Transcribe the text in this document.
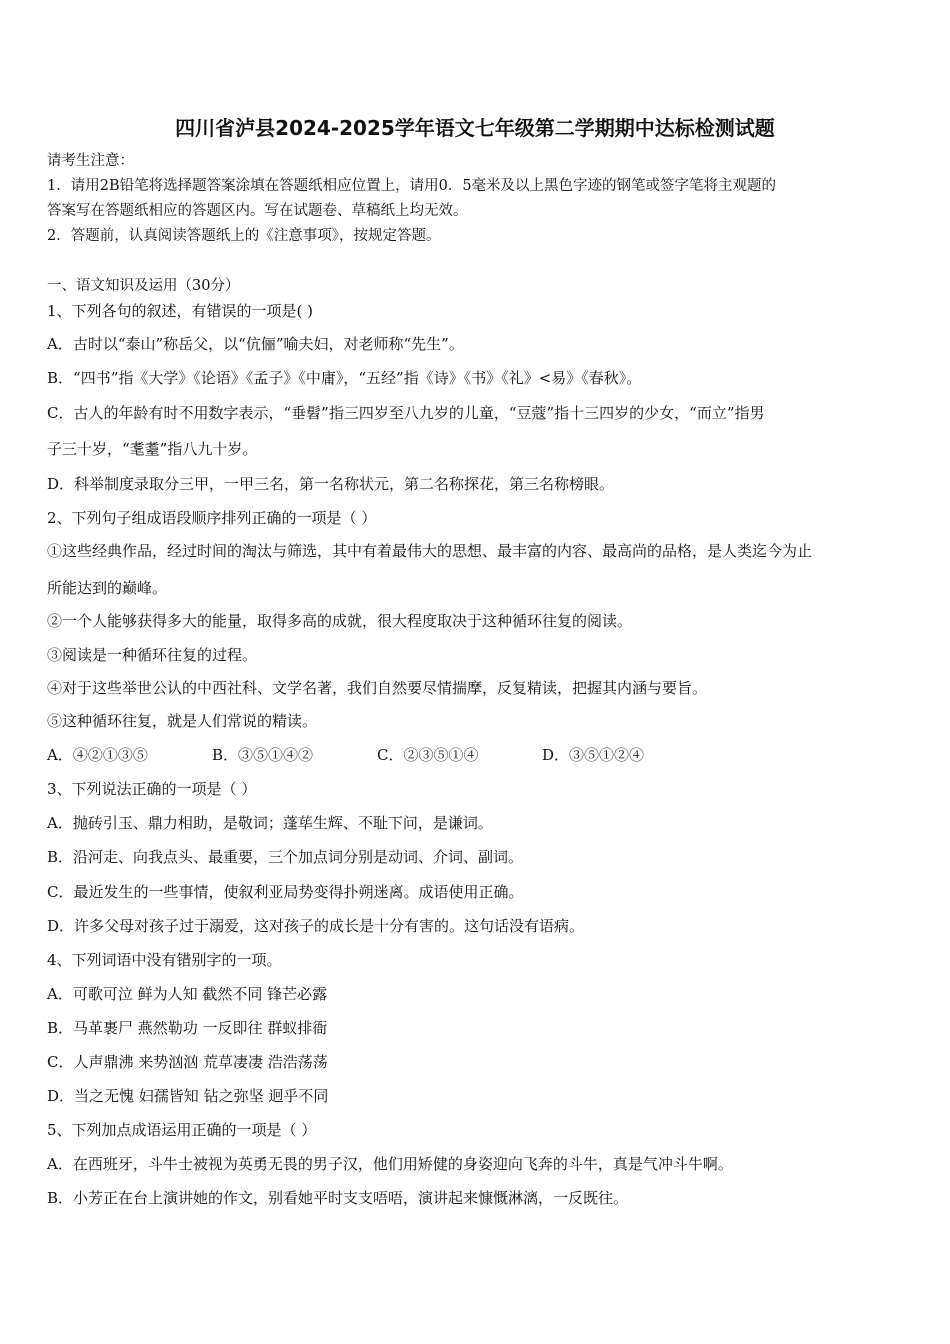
四川省泸县2024-2025学年语文七年级第二学期期中达标检测试题
请考生注意：
1．请用2B铅笔将选择题答案涂填在答题纸相应位置上，请用0．5毫米及以上黑色字迹的钢笔或签字笔将主观题的
答案写在答题纸相应的答题区内。写在试题卷、草稿纸上均无效。
2．答题前，认真阅读答题纸上的《注意事项》，按规定答题。
一、语文知识及运用（30分）
1、下列各句的叙述，有错误的一项是( )
A．古时以“泰山”称岳父，以“伉俪”喻夫妇，对老师称“先生”。
B．“四书”指《大学》《论语》《孟子》《中庸》，“五经”指《诗》《书》《礼》<易》《春秋》。
C．古人的年龄有时不用数字表示，“垂髫”指三四岁至八九岁的儿童，“豆蔻”指十三四岁的少女，“而立”指男
子三十岁，“耄耋”指八九十岁。
D．科举制度录取分三甲，一甲三名，第一名称状元，第二名称探花，第三名称榜眼。
2、下列句子组成语段顺序排列正确的一项是（ ）
①这些经典作品，经过时间的淘汰与筛选，其中有着最伟大的思想、最丰富的内容、最高尚的品格，是人类迄今为止
所能达到的巅峰。
②一个人能够获得多大的能量，取得多高的成就，很大程度取决于这种循环往复的阅读。
③阅读是一种循环往复的过程。
④对于这些举世公认的中西社科、文学名著，我们自然要尽情揣摩，反复精读，把握其内涵与要旨。
⑤这种循环往复，就是人们常说的精读。
A．④②①③⑤	B．③⑤①④②	C．②③⑤①④	D．③⑤①②④
3、下列说法正确的一项是（ ）
A．抛砖引玉、鼎力相助，是敬词；蓬荜生辉、不耻下问，是谦词。
B．沿河走、向我点头、最重要，三个加点词分别是动词、介词、副词。
C．最近发生的一些事情，使叙利亚局势变得扑朔迷离。成语使用正确。
D．许多父母对孩子过于溺爱，这对孩子的成长是十分有害的。这句话没有语病。
4、下列词语中没有错别字的一项。
A．可歌可泣 鲜为人知 截然不同 锋芒必露
B．马革裹尸 燕然勒功 一反即往 群蚁排衙
C．人声鼎沸 来势汹汹 荒草凄凄 浩浩荡荡
D．当之无愧 妇孺皆知 钻之弥坚 迥乎不同
5、下列加点成语运用正确的一项是（ ）
A．在西班牙，斗牛士被视为英勇无畏的男子汉，他们用矫健的身姿迎向飞奔的斗牛，真是气冲斗牛啊。
B．小芳正在台上演讲她的作文，别看她平时支支唔唔，演讲起来慷慨淋漓，一反既往。
